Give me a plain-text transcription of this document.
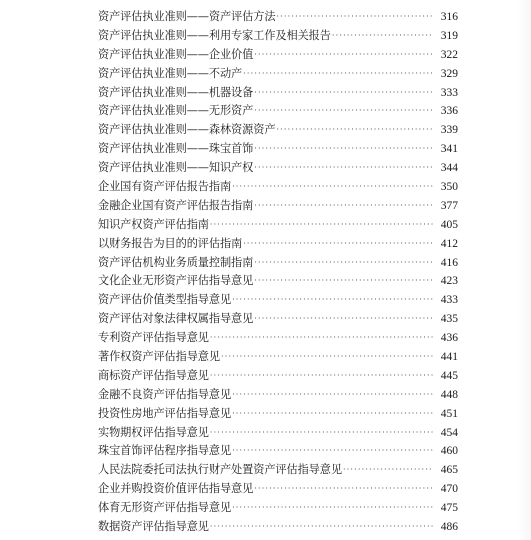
资产评估执业准则——资产评估方法 ·····	316
资产评估执业准则——利用专家工作及相关报告 ·····	319
资产评估执业准则——企业价值 ·····	322
资产评估执业准则——不动产 ·····	329
资产评估执业准则——机器设备 ·····	333
资产评估执业准则——无形资产 ·····	336
资产评估执业准则——森林资源资产 ·····	339
资产评估执业准则——珠宝首饰 ·····	341
资产评估执业准则——知识产权 ·····	344
企业国有资产评估报告指南 ·····	350
金融企业国有资产评估报告指南 ·····	377
知识产权资产评估指南 ·····	405
以财务报告为目的的评估指南 ·····	412
资产评估机构业务质量控制指南 ·····	416
文化企业无形资产评估指导意见 ·····	423
资产评估价值类型指导意见 ·····	433
资产评估对象法律权属指导意见 ·····	435
专利资产评估指导意见 ·····	436
著作权资产评估指导意见 ·····	441
商标资产评估指导意见 ·····	445
金融不良资产评估指导意见 ·····	448
投资性房地产评估指导意见 ·····	451
实物期权评估指导意见 ·····	454
珠宝首饰评估程序指导意见 ·····	460
人民法院委托司法执行财产处置资产评估指导意见 ·····	465
企业并购投资价值评估指导意见 ·····	470
体育无形资产评估指导意见 ·····	475
数据资产评估指导意见 ·····	486
